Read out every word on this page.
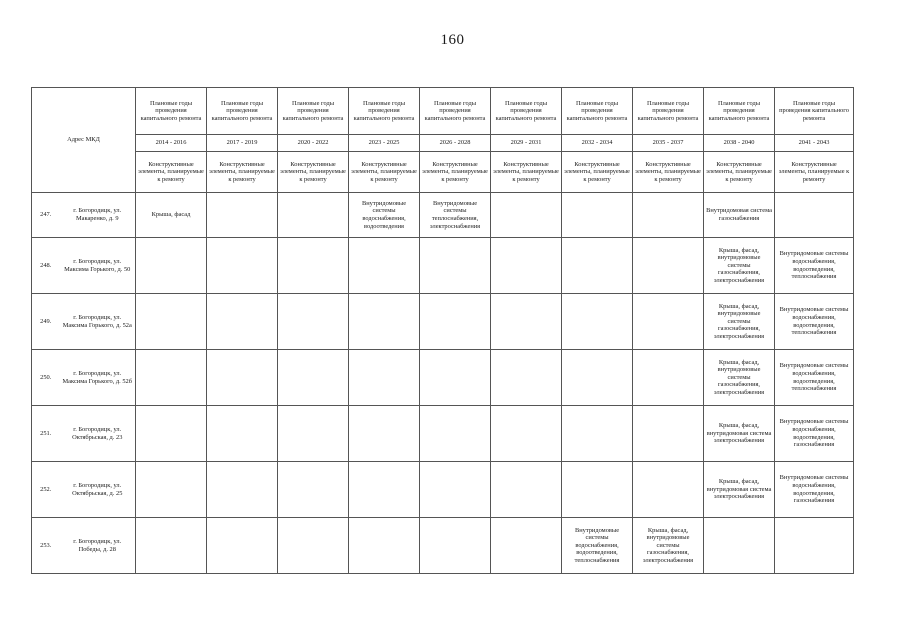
160
Адрес МКД		Плановые годы проведения капитального ремонта	Плановые годы проведения капитального ремонта	Плановые годы проведения капитального ремонта	Плановые годы проведения капитального ремонта	Плановые годы проведения капитального ремонта	Плановые годы проведения капитального ремонта	Плановые годы проведения капитального ремонта	Плановые годы проведения капитального ремонта	Плановые годы проведения капитального ремонта	Плановые годы проведения капитального ремонта
		2014 - 2016	2017 - 2019	2020 - 2022	2023 - 2025	2026 - 2028	2029 - 2031	2032 - 2034	2035 - 2037	2038 - 2040	2041 - 2043
		Конструктивные элементы, планируемые к ремонту	Конструктивные элементы, планируемые к ремонту	Конструктивные элементы, планируемые к ремонту	Конструктивные элементы, планируемые к ремонту	Конструктивные элементы, планируемые к ремонту	Конструктивные элементы, планируемые к ремонту	Конструктивные элементы, планируемые к ремонту	Конструктивные элементы, планируемые к ремонту	Конструктивные элементы, планируемые к ремонту	Конструктивные элементы, планируемые к ремонту
247.	г. Богородицк, ул. Макаренко, д. 9	Крыша, фасад			Внутридомовые системы водоснабжения, водоотведения	Внутридомовые системы теплоснабжения, электроснабжения				Внутридомовая система газоснабжения	
248.	г. Богородицк, ул. Максима Горького, д. 50									Крыша, фасад, внутридомовые системы газоснабжения, электроснабжения	Внутридомовые системы водоснабжения, водоотведения, теплоснабжения
249.	г. Богородицк, ул. Максима Горького, д. 52а									Крыша, фасад, внутридомовые системы газоснабжения, электроснабжения	Внутридомовые системы водоснабжения, водоотведения, теплоснабжения
250.	г. Богородицк, ул. Максима Горького, д. 52б									Крыша, фасад, внутридомовые системы газоснабжения, электроснабжения	Внутридомовые системы водоснабжения, водоотведения, теплоснабжения
251.	г. Богородицк, ул. Октябрьская, д. 23									Крыша, фасад, внутридомовая система электроснабжения	Внутридомовые системы водоснабжения, водоотведения, газоснабжения
252.	г. Богородицк, ул. Октябрьская, д. 25									Крыша, фасад, внутридомовая система электроснабжения	Внутридомовые системы водоснабжения, водоотведения, газоснабжения
253.	г. Богородицк, ул. Победы, д. 28							Внутридомовые системы водоснабжения, водоотведения, теплоснабжения	Крыша, фасад, внутридомовые системы газоснабжения, электроснабжения		
